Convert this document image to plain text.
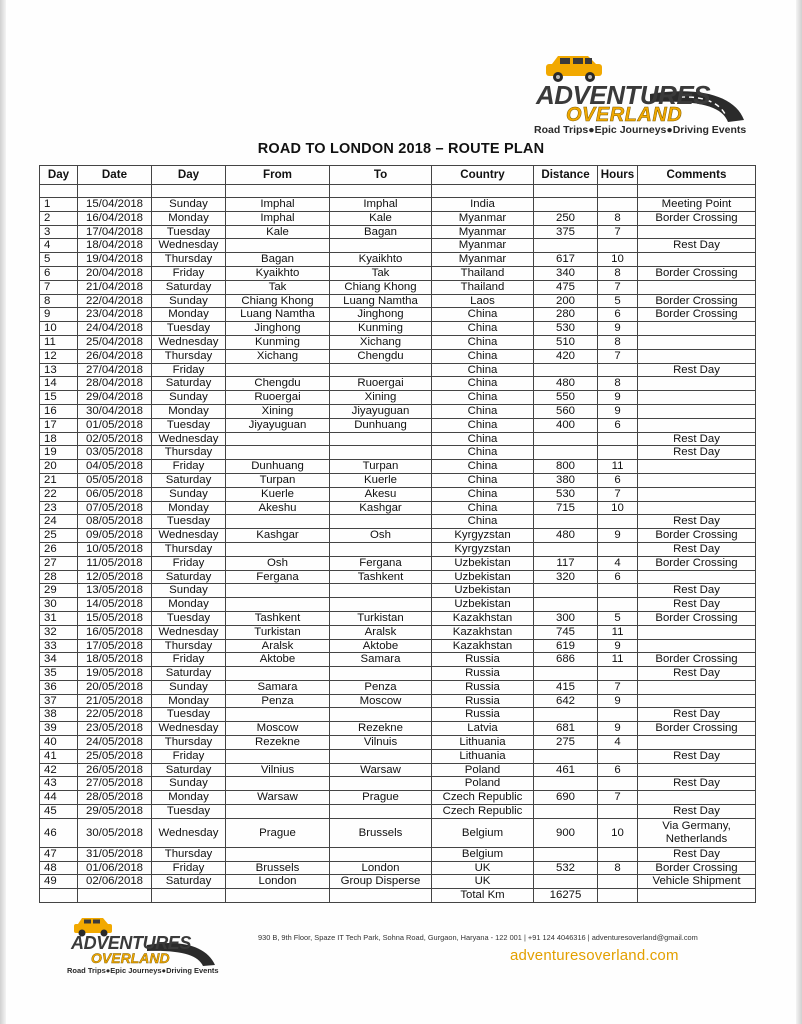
ADVENTURES
OVERLAND
Road Trips●Epic Journeys●Driving Events
ROAD TO LONDON 2018 – ROUTE PLAN
Day	Date	Day	From	To	Country	Distance	Hours	Comments

1	15/04/2018	Sunday	Imphal	Imphal	India			Meeting Point
2	16/04/2018	Monday	Imphal	Kale	Myanmar	250	8	Border Crossing
3	17/04/2018	Tuesday	Kale	Bagan	Myanmar	375	7	
4	18/04/2018	Wednesday			Myanmar			Rest Day
5	19/04/2018	Thursday	Bagan	Kyaikhto	Myanmar	617	10	
6	20/04/2018	Friday	Kyaikhto	Tak	Thailand	340	8	Border Crossing
7	21/04/2018	Saturday	Tak	Chiang Khong	Thailand	475	7	
8	22/04/2018	Sunday	Chiang Khong	Luang Namtha	Laos	200	5	Border Crossing
9	23/04/2018	Monday	Luang Namtha	Jinghong	China	280	6	Border Crossing
10	24/04/2018	Tuesday	Jinghong	Kunming	China	530	9	
11	25/04/2018	Wednesday	Kunming	Xichang	China	510	8	
12	26/04/2018	Thursday	Xichang	Chengdu	China	420	7	
13	27/04/2018	Friday			China			Rest Day
14	28/04/2018	Saturday	Chengdu	Ruoergai	China	480	8	
15	29/04/2018	Sunday	Ruoergai	Xining	China	550	9	
16	30/04/2018	Monday	Xining	Jiyayuguan	China	560	9	
17	01/05/2018	Tuesday	Jiyayuguan	Dunhuang	China	400	6	
18	02/05/2018	Wednesday			China			Rest Day
19	03/05/2018	Thursday			China			Rest Day
20	04/05/2018	Friday	Dunhuang	Turpan	China	800	11	
21	05/05/2018	Saturday	Turpan	Kuerle	China	380	6	
22	06/05/2018	Sunday	Kuerle	Akesu	China	530	7	
23	07/05/2018	Monday	Akeshu	Kashgar	China	715	10	
24	08/05/2018	Tuesday			China			Rest Day
25	09/05/2018	Wednesday	Kashgar	Osh	Kyrgyzstan	480	9	Border Crossing
26	10/05/2018	Thursday			Kyrgyzstan			Rest Day
27	11/05/2018	Friday	Osh	Fergana	Uzbekistan	117	4	Border Crossing
28	12/05/2018	Saturday	Fergana	Tashkent	Uzbekistan	320	6	
29	13/05/2018	Sunday			Uzbekistan			Rest Day
30	14/05/2018	Monday			Uzbekistan			Rest Day
31	15/05/2018	Tuesday	Tashkent	Turkistan	Kazakhstan	300	5	Border Crossing
32	16/05/2018	Wednesday	Turkistan	Aralsk	Kazakhstan	745	11	
33	17/05/2018	Thursday	Aralsk	Aktobe	Kazakhstan	619	9	
34	18/05/2018	Friday	Aktobe	Samara	Russia	686	11	Border Crossing
35	19/05/2018	Saturday			Russia			Rest Day
36	20/05/2018	Sunday	Samara	Penza	Russia	415	7	
37	21/05/2018	Monday	Penza	Moscow	Russia	642	9	
38	22/05/2018	Tuesday			Russia			Rest Day
39	23/05/2018	Wednesday	Moscow	Rezekne	Latvia	681	9	Border Crossing
40	24/05/2018	Thursday	Rezekne	Vilnuis	Lithuania	275	4	
41	25/05/2018	Friday			Lithuania			Rest Day
42	26/05/2018	Saturday	Vilnius	Warsaw	Poland	461	6	
43	27/05/2018	Sunday			Poland			Rest Day
44	28/05/2018	Monday	Warsaw	Prague	Czech Republic	690	7	
45	29/05/2018	Tuesday			Czech Republic			Rest Day
46	30/05/2018	Wednesday	Prague	Brussels	Belgium	900	10	Via Germany, Netherlands
47	31/05/2018	Thursday			Belgium			Rest Day
48	01/06/2018	Friday	Brussels	London	UK	532	8	Border Crossing
49	02/06/2018	Saturday	London	Group Disperse	UK			Vehicle Shipment
					Total Km	16275		
ADVENTURES
OVERLAND
Road Trips●Epic Journeys●Driving Events
930 B, 9th Floor, Spaze IT Tech Park, Sohna Road, Gurgaon, Haryana - 122 001 | +91 124 4046316 | adventuresoverland@gmail.com
adventuresoverland.com
